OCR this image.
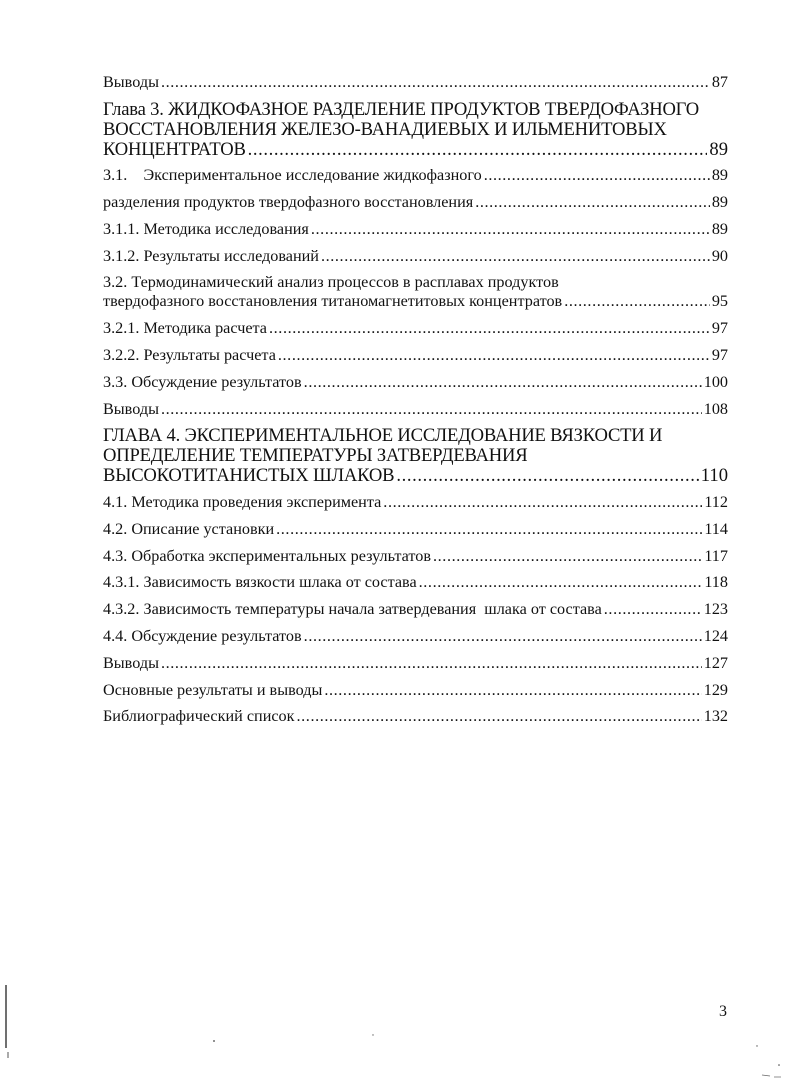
Выводы .....	87
Глава 3. ЖИДКОФАЗНОЕ РАЗДЕЛЕНИЕ ПРОДУКТОВ ТВЕРДОФАЗНОГО
ВОССТАНОВЛЕНИЯ ЖЕЛЕЗО-ВАНАДИЕВЫХ И ИЛЬМЕНИТОВЫХ
КОНЦЕНТРАТОВ .....	89
3.1.    Экспериментальное исследование жидкофазного .....	89
разделения продуктов твердофазного восстановления .....	89
3.1.1. Методика исследования .....	89
3.1.2. Результаты исследований .....	90
3.2. Термодинамический анализ процессов в расплавах продуктов
твердофазного восстановления титаномагнетитовых концентратов .....	95
3.2.1. Методика расчета .....	97
3.2.2. Результаты расчета .....	97
3.3. Обсуждение результатов .....	100
Выводы .....	108
ГЛАВА 4. ЭКСПЕРИМЕНТАЛЬНОЕ ИССЛЕДОВАНИЕ ВЯЗКОСТИ И
ОПРЕДЕЛЕНИЕ ТЕМПЕРАТУРЫ ЗАТВЕРДЕВАНИЯ
ВЫСОКОТИТАНИСТЫХ ШЛАКОВ .....	110
4.1. Методика проведения эксперимента .....	112
4.2. Описание установки .....	114
4.3. Обработка экспериментальных результатов .....	117
4.3.1. Зависимость вязкости шлака от состава .....	118
4.3.2. Зависимость температуры начала затвердевания  шлака от состава .....	123
4.4. Обсуждение результатов .....	124
Выводы .....	127
Основные результаты и выводы .....	129
Библиографический список .....	132
3
